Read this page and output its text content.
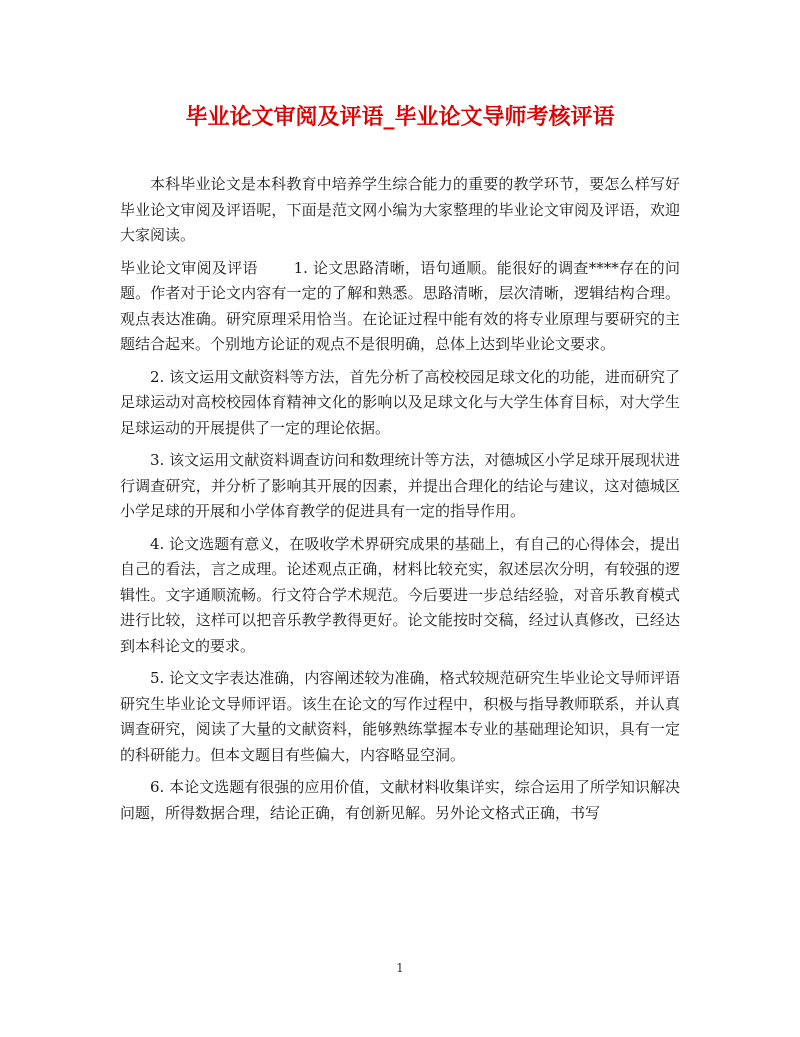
毕业论文审阅及评语_毕业论文导师考核评语

本科毕业论文是本科教育中培养学生综合能力的重要的教学环节，要怎么样写好毕业论文审阅及评语呢，下面是范文网小编为大家整理的毕业论文审阅及评语，欢迎大家阅读。

毕业论文审阅及评语　　 1. 论文思路清晰，语句通顺。能很好的调查****存在的问题。作者对于论文内容有一定的了解和熟悉。思路清晰，层次清晰，逻辑结构合理。观点表达准确。研究原理采用恰当。在论证过程中能有效的将专业原理与要研究的主题结合起来。个别地方论证的观点不是很明确，总体上达到毕业论文要求。

2. 该文运用文献资料等方法，首先分析了高校校园足球文化的功能，进而研究了足球运动对高校校园体育精神文化的影响以及足球文化与大学生体育目标，对大学生足球运动的开展提供了一定的理论依据。

3. 该文运用文献资料调查访问和数理统计等方法，对德城区小学足球开展现状进行调查研究，并分析了影响其开展的因素，并提出合理化的结论与建议，这对德城区小学足球的开展和小学体育教学的促进具有一定的指导作用。

4. 论文选题有意义，在吸收学术界研究成果的基础上，有自己的心得体会，提出自己的看法，言之成理。论述观点正确，材料比较充实，叙述层次分明，有较强的逻辑性。文字通顺流畅。行文符合学术规范。今后要进一步总结经验，对音乐教育模式进行比较，这样可以把音乐教学教得更好。论文能按时交稿，经过认真修改，已经达到本科论文的要求。

5. 论文文字表达准确，内容阐述较为准确，格式较规范研究生毕业论文导师评语研究生毕业论文导师评语。该生在论文的写作过程中，积极与指导教师联系，并认真调查研究，阅读了大量的文献资料，能够熟练掌握本专业的基础理论知识，具有一定的科研能力。但本文题目有些偏大，内容略显空洞。

6. 本论文选题有很强的应用价值，文献材料收集详实，综合运用了所学知识解决问题，所得数据合理，结论正确，有创新见解。另外论文格式正确，书写

1
